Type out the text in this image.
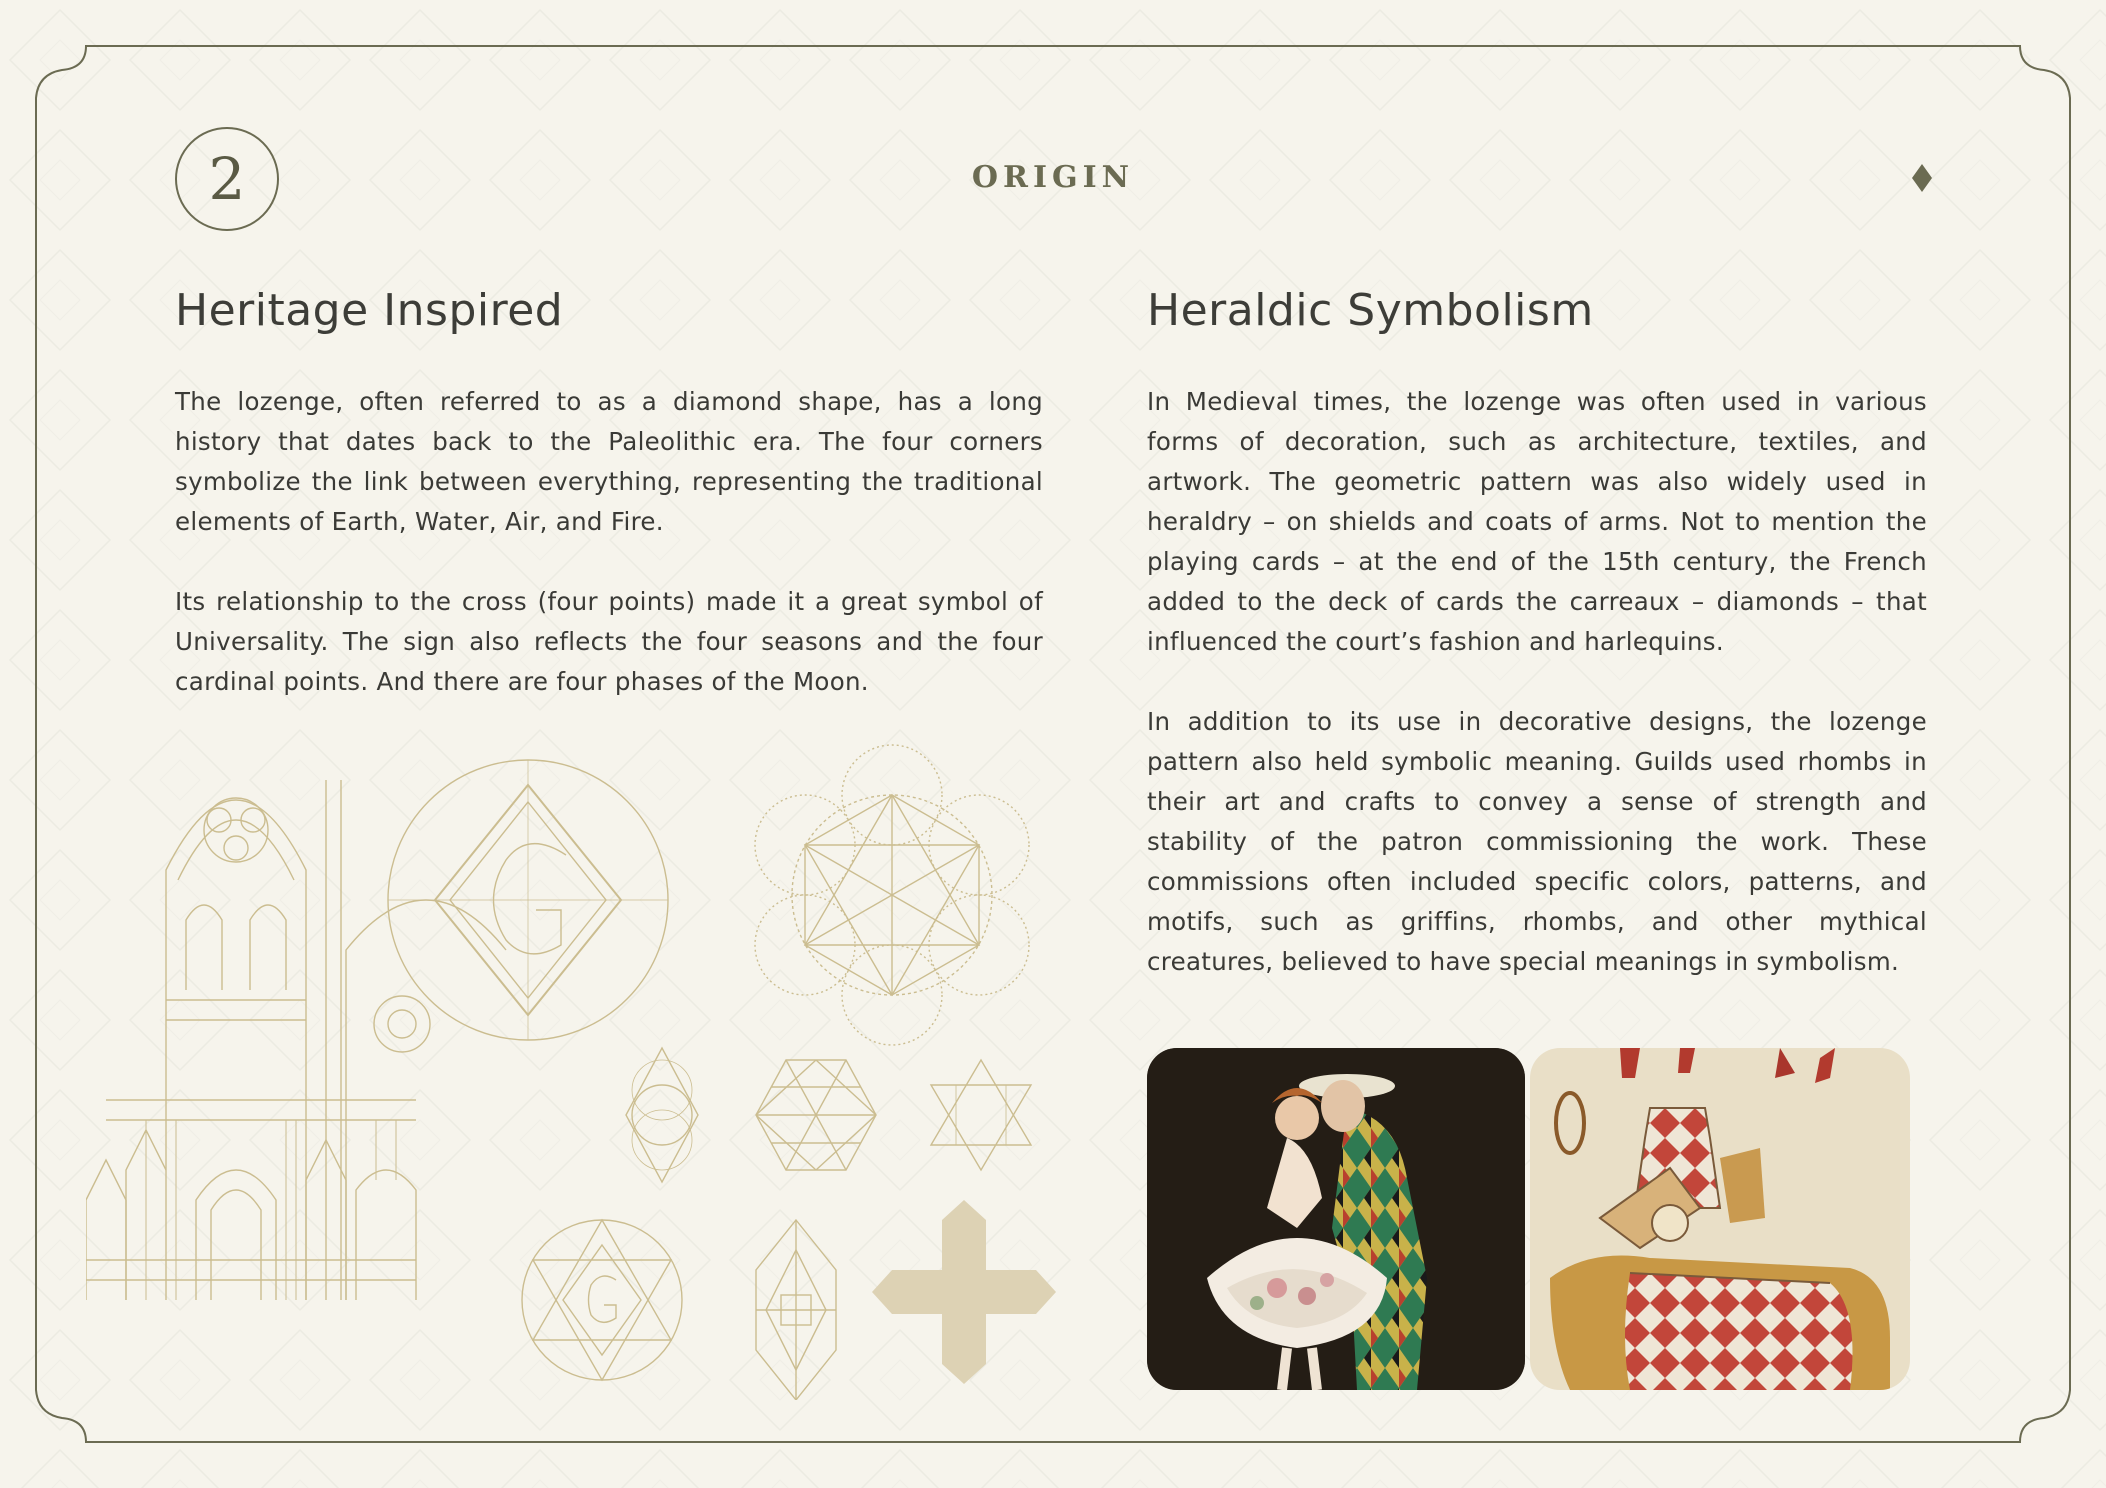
2	ORIGIN
Heritage Inspired

The lozenge, often referred to as a diamond shape, has a long history that dates back to the Paleolithic era. The four corners symbolize the link between everything, representing the traditional elements of Earth, Water, Air, and Fire.

Its relationship to the cross (four points) made it a great symbol of Universality. The sign also reflects the four seasons and the four cardinal points. And there are four phases of the Moon.

Heraldic Symbolism

In Medieval times, the lozenge was often used in various forms of decoration, such as architecture, textiles, and artwork. The geometric pattern was also widely used in heraldry – on shields and coats of arms. Not to mention the playing cards – at the end of the 15th century, the French added to the deck of cards the carreaux – diamonds – that influenced the court’s fashion and harlequins.

In addition to its use in decorative designs, the lozenge pattern also held symbolic meaning. Guilds used rhombs in their art and crafts to convey a sense of strength and stability of the patron commissioning the work. These commissions often included specific colors, patterns, and motifs, such as griffins, rhombs, and other mythical creatures, believed to have special meanings in symbolism.
